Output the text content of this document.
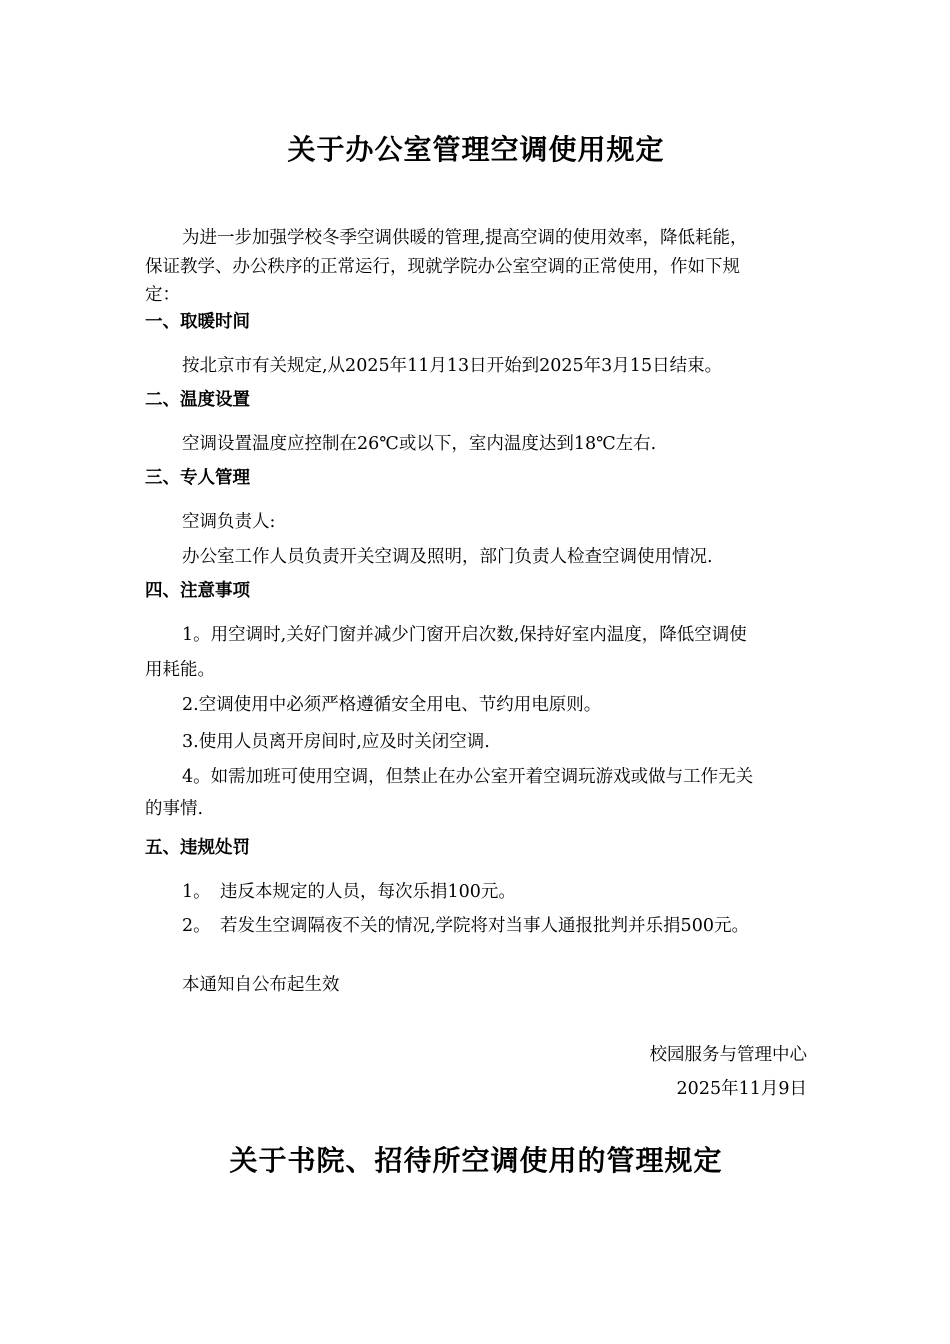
关于办公室管理空调使用规定
为进一步加强学校冬季空调供暖的管理,提高空调的使用效率，降低耗能，
保证教学、办公秩序的正常运行，现就学院办公室空调的正常使用，作如下规
定：
一、取暖时间
按北京市有关规定,从2025年11月13日开始到2025年3月15日结束。
二、温度设置
空调设置温度应控制在26℃或以下，室内温度达到18℃左右.
三、专人管理
空调负责人:
办公室工作人员负责开关空调及照明，部门负责人检查空调使用情况.
四、注意事项
1。用空调时,关好门窗并减少门窗开启次数,保持好室内温度，降低空调使
用耗能。
2.空调使用中必须严格遵循安全用电、节约用电原则。
3.使用人员离开房间时,应及时关闭空调.
4。如需加班可使用空调，但禁止在办公室开着空调玩游戏或做与工作无关
的事情.
五、违规处罚
1。 违反本规定的人员，每次乐捐100元。
2。 若发生空调隔夜不关的情况,学院将对当事人通报批判并乐捐500元。
本通知自公布起生效
校园服务与管理中心
2025年11月9日
关于书院、招待所空调使用的管理规定
